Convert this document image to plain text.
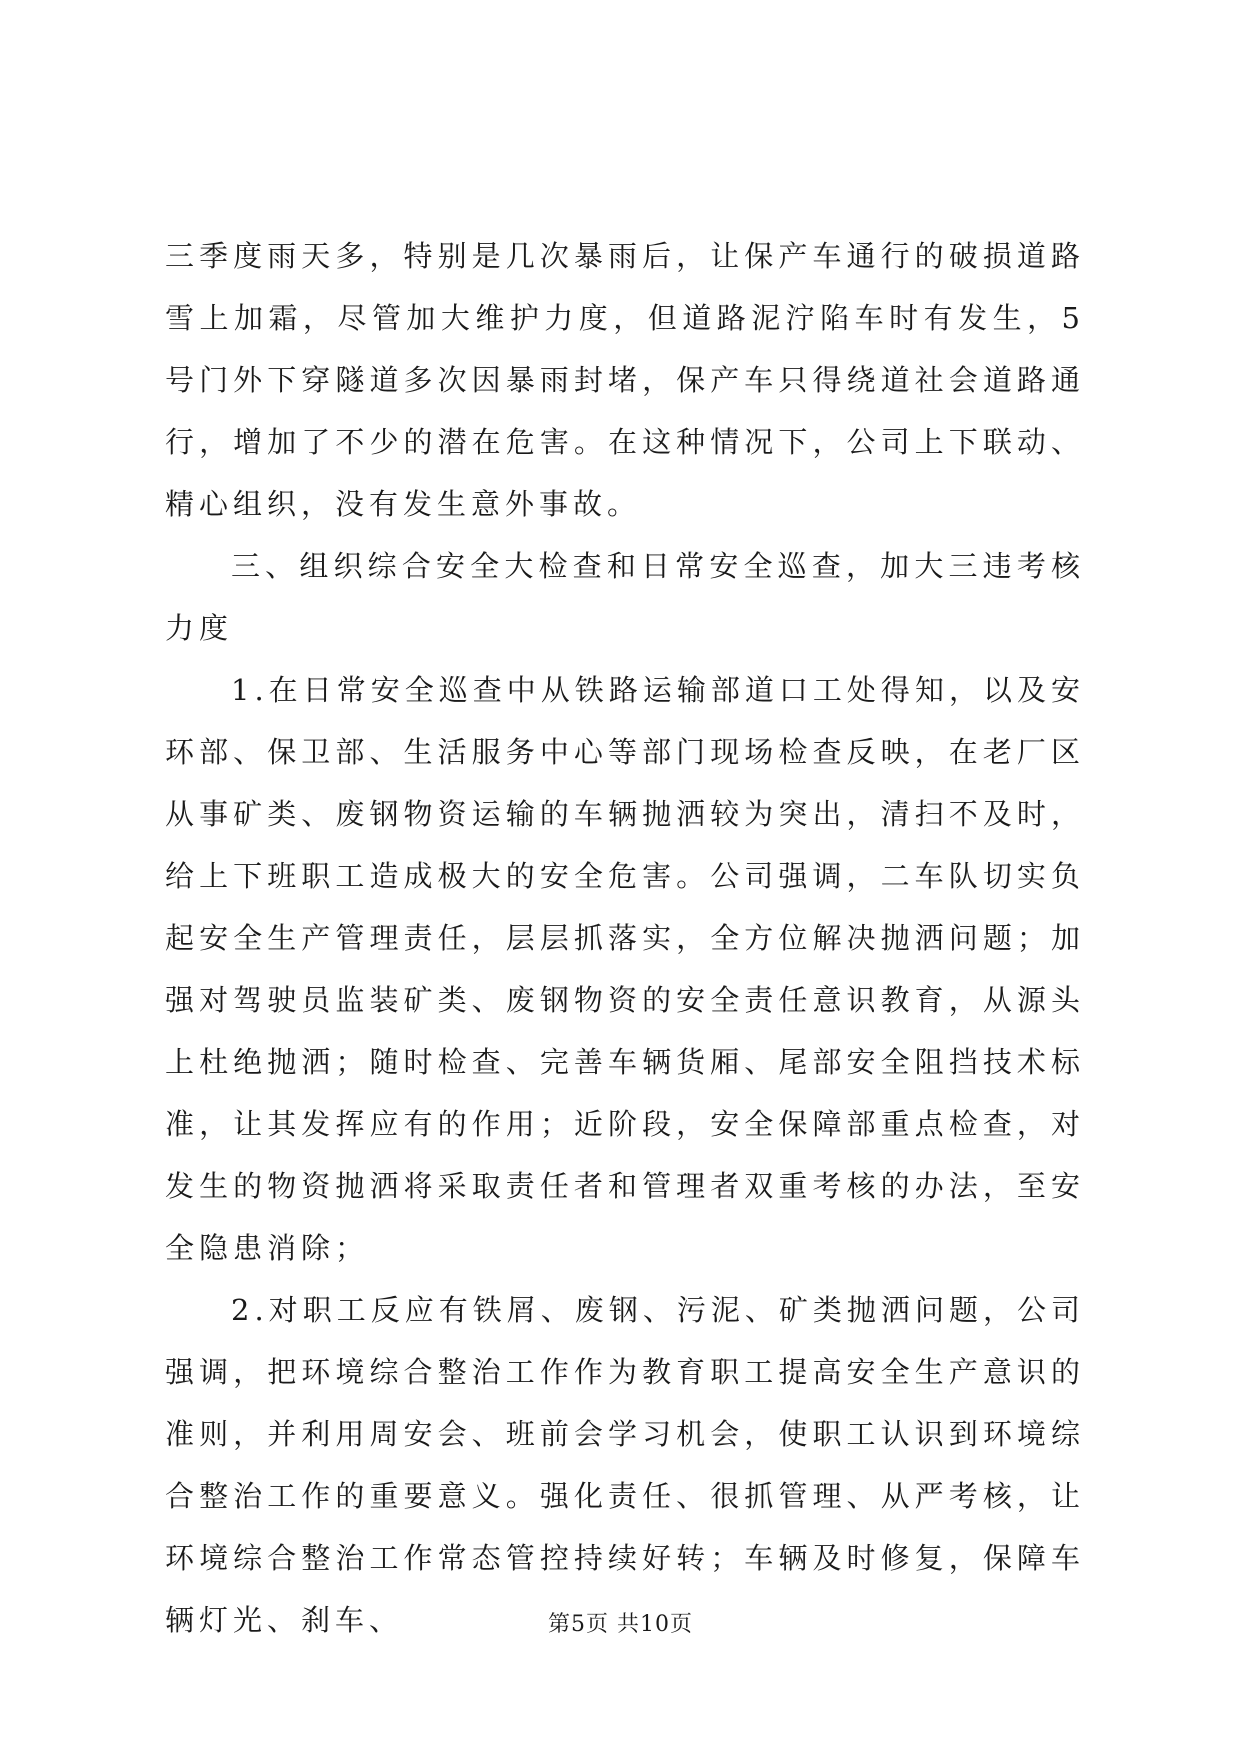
三季度雨天多，特别是几次暴雨后，让保产车通行的破损道路雪上加霜，尽管加大维护力度，但道路泥泞陷车时有发生，5号门外下穿隧道多次因暴雨封堵，保产车只得绕道社会道路通行，增加了不少的潜在危害。在这种情况下，公司上下联动、精心组织，没有发生意外事故。

三、组织综合安全大检查和日常安全巡查，加大三违考核力度

1.在日常安全巡查中从铁路运输部道口工处得知，以及安环部、保卫部、生活服务中心等部门现场检查反映，在老厂区从事矿类、废钢物资运输的车辆抛洒较为突出，清扫不及时，给上下班职工造成极大的安全危害。公司强调，二车队切实负起安全生产管理责任，层层抓落实，全方位解决抛洒问题；加强对驾驶员监装矿类、废钢物资的安全责任意识教育，从源头上杜绝抛洒；随时检查、完善车辆货厢、尾部安全阻挡技术标准，让其发挥应有的作用；近阶段，安全保障部重点检查，对发生的物资抛洒将采取责任者和管理者双重考核的办法，至安全隐患消除；

2.对职工反应有铁屑、废钢、污泥、矿类抛洒问题，公司强调，把环境综合整治工作作为教育职工提高安全生产意识的准则，并利用周安会、班前会学习机会，使职工认识到环境综合整治工作的重要意义。强化责任、很抓管理、从严考核，让环境综合整治工作常态管控持续好转；车辆及时修复，保障车辆灯光、刹车、	第5页 共10页
